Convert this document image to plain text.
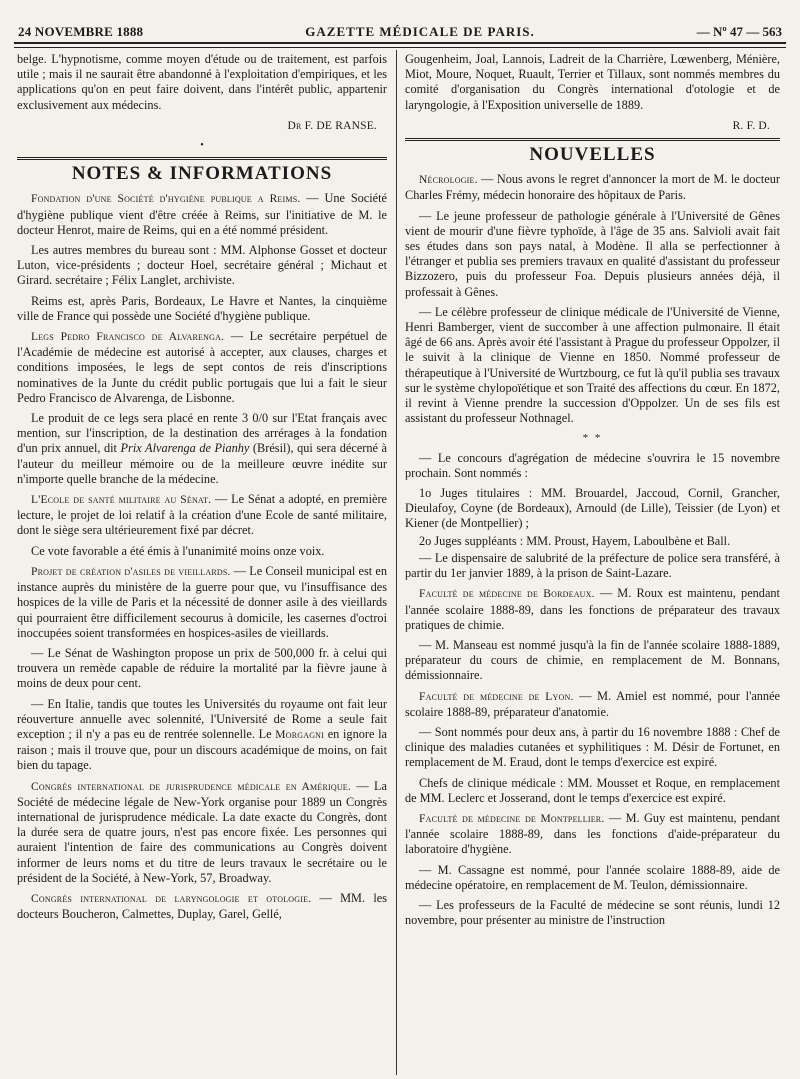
24 NOVEMBRE 1888	GAZETTE MÉDICALE DE PARIS.	— Nº 47 — 563

belge. L'hypnotisme, comme moyen d'étude ou de traitement, est parfois utile ; mais il ne saurait être abandonné à l'exploitation d'empiriques, et les applications qu'on en peut faire doivent, dans l'intérêt public, appartenir exclusivement aux médecins.

Dr F. DE RANSE.

•

NOTES & INFORMATIONS

Fondation d'une Société d'hygiène publique a Reims. — Une Société d'hygiène publique vient d'être créée à Reims, sur l'initiative de M. le docteur Henrot, maire de Reims, qui en a été nommé président.

Les autres membres du bureau sont : MM. Alphonse Gosset et docteur Luton, vice-présidents ; docteur Hoel, secrétaire général ; Michaut et Girard. secrétaire ; Félix Langlet, archiviste.

Reims est, après Paris, Bordeaux, Le Havre et Nantes, la cinquième ville de France qui possède une Société d'hygiène publique.

Legs Pedro Francisco de Alvarenga. — Le secrétaire perpétuel de l'Académie de médecine est autorisé à accepter, aux clauses, charges et conditions imposées, le legs de sept contos de reis d'inscriptions nominatives de la Junte du crédit public portugais que lui a fait le sieur Pedro Francisco de Alvarenga, de Lisbonne.

Le produit de ce legs sera placé en rente 3 0/0 sur l'Etat français avec mention, sur l'inscription, de la destination des arrérages à la fondation d'un prix annuel, dit Prix Alvarenga de Pianhy (Brésil), qui sera décerné à l'auteur du meilleur mémoire ou de la meilleure œuvre inédite sur n'importe quelle branche de la médecine.

L'Ecole de santé militaire au Sénat. — Le Sénat a adopté, en première lecture, le projet de loi relatif à la création d'une Ecole de santé militaire, dont le siège sera ultérieurement fixé par décret.

Ce vote favorable a été émis à l'unanimité moins onze voix.

Projet de création d'asiles de vieillards. — Le Conseil municipal est en instance auprès du ministère de la guerre pour que, vu l'insuffisance des hospices de la ville de Paris et la nécessité de donner asile à des vieillards qui pourraient être difficilement secourus à domicile, les casernes d'octroi inoccupées soient transformées en hospices-asiles de vieillards.

— Le Sénat de Washington propose un prix de 500,000 fr. à celui qui trouvera un remède capable de réduire la mortalité par la fièvre jaune à moins de deux pour cent.

— En Italie, tandis que toutes les Universités du royaume ont fait leur réouverture annuelle avec solennité, l'Université de Rome a seule fait exception ; il n'y a pas eu de rentrée solennelle. Le Morgagni en ignore la raison ; mais il trouve que, pour un discours académique de moins, on fait bien du tapage.

Congrès international de jurisprudence médicale en Amérique. — La Société de médecine légale de New-York organise pour 1889 un Congrès international de jurisprudence médicale. La date exacte du Congrès, dont la durée sera de quatre jours, n'est pas encore fixée. Les personnes qui auraient l'intention de faire des communications au Congrès doivent informer de leurs noms et du titre de leurs travaux le secrétaire ou le président de la Société, à New-York, 57, Broadway.

Congrès international de laryngologie et otologie. — MM. les docteurs Boucheron, Calmettes, Duplay, Garel, Gellé,

Gougenheim, Joal, Lannois, Ladreit de la Charrière, Lœwenberg, Ménière, Miot, Moure, Noquet, Ruault, Terrier et Tillaux, sont nommés membres du comité d'organisation du Congrès international d'otologie et de laryngologie, à l'Exposition universelle de 1889.

R. F. D.

NOUVELLES

Nécrologie. — Nous avons le regret d'annoncer la mort de M. le docteur Charles Frémy, médecin honoraire des hôpitaux de Paris.

— Le jeune professeur de pathologie générale à l'Université de Gênes vient de mourir d'une fièvre typhoïde, à l'âge de 35 ans. Salvioli avait fait ses études dans son pays natal, à Modène. Il alla se perfectionner à l'étranger et publia ses premiers travaux en qualité d'assistant du professeur Bizzozero, puis du professeur Foa. Depuis plusieurs années déjà, il professait à Gênes.

— Le célèbre professeur de clinique médicale de l'Université de Vienne, Henri Bamberger, vient de succomber à une affection pulmonaire. Il était âgé de 66 ans. Après avoir été l'assistant à Prague du professeur Oppolzer, il le suivit à la clinique de Vienne en 1850. Nommé professeur de thérapeutique à l'Université de Wurtzbourg, ce fut là qu'il publia ses travaux sur le système chylopoïétique et son Traité des affections du cœur. En 1872, il revint à Vienne prendre la succession d'Oppolzer. Un de ses fils est assistant du professeur Nothnagel.

* *

— Le concours d'agrégation de médecine s'ouvrira le 15 novembre prochain. Sont nommés :

1o Juges titulaires : MM. Brouardel, Jaccoud, Cornil, Grancher, Dieulafoy, Coyne (de Bordeaux), Arnould (de Lille), Teissier (de Lyon) et Kiener (de Montpellier) ;

2o Juges suppléants : MM. Proust, Hayem, Laboulbène et Ball.

— Le dispensaire de salubrité de la préfecture de police sera transféré, à partir du 1er janvier 1889, à la prison de Saint-Lazare.

Faculté de médecine de Bordeaux. — M. Roux est maintenu, pendant l'année scolaire 1888-89, dans les fonctions de préparateur des travaux pratiques de chimie.

— M. Manseau est nommé jusqu'à la fin de l'année scolaire 1888-1889, préparateur du cours de chimie, en remplacement de M. Bonnans, démissionnaire.

Faculté de médecine de Lyon. — M. Amiel est nommé, pour l'année scolaire 1888-89, préparateur d'anatomie.

— Sont nommés pour deux ans, à partir du 16 novembre 1888 : Chef de clinique des maladies cutanées et syphilitiques : M. Désir de Fortunet, en remplacement de M. Eraud, dont le temps d'exercice est expiré.

Chefs de clinique médicale : MM. Mousset et Roque, en remplacement de MM. Leclerc et Josserand, dont le temps d'exercice est expiré.

Faculté de médecine de Montpellier. — M. Guy est maintenu, pendant l'année scolaire 1888-89, dans les fonctions d'aide-préparateur du laboratoire d'hygiène.

— M. Cassagne est nommé, pour l'année scolaire 1888-89, aide de médecine opératoire, en remplacement de M. Teulon, démissionnaire.

— Les professeurs de la Faculté de médecine se sont réunis, lundi 12 novembre, pour présenter au ministre de l'instruction
